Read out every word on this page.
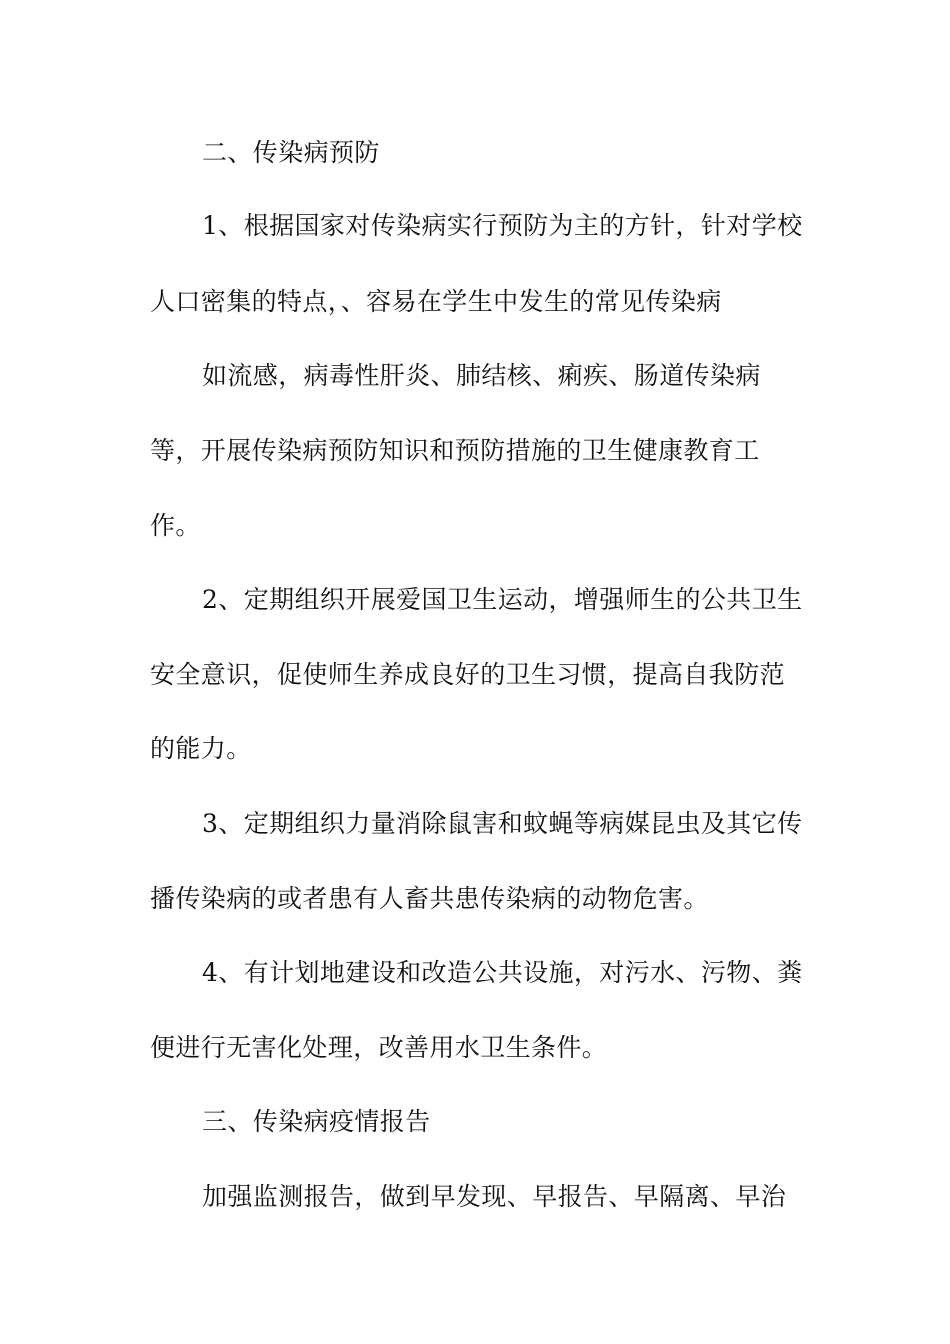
二、传染病预防
1、根据国家对传染病实行预防为主的方针，针对学校
人口密集的特点，、容易在学生中发生的常见传染病
如流感，病毒性肝炎、肺结核、痢疾、肠道传染病
等，开展传染病预防知识和预防措施的卫生健康教育工
作。
2、定期组织开展爱国卫生运动，增强师生的公共卫生
安全意识，促使师生养成良好的卫生习惯，提高自我防范
的能力。
3、定期组织力量消除鼠害和蚊蝇等病媒昆虫及其它传
播传染病的或者患有人畜共患传染病的动物危害。
4、有计划地建设和改造公共设施，对污水、污物、粪
便进行无害化处理，改善用水卫生条件。
三、传染病疫情报告
加强监测报告，做到早发现、早报告、早隔离、早治
